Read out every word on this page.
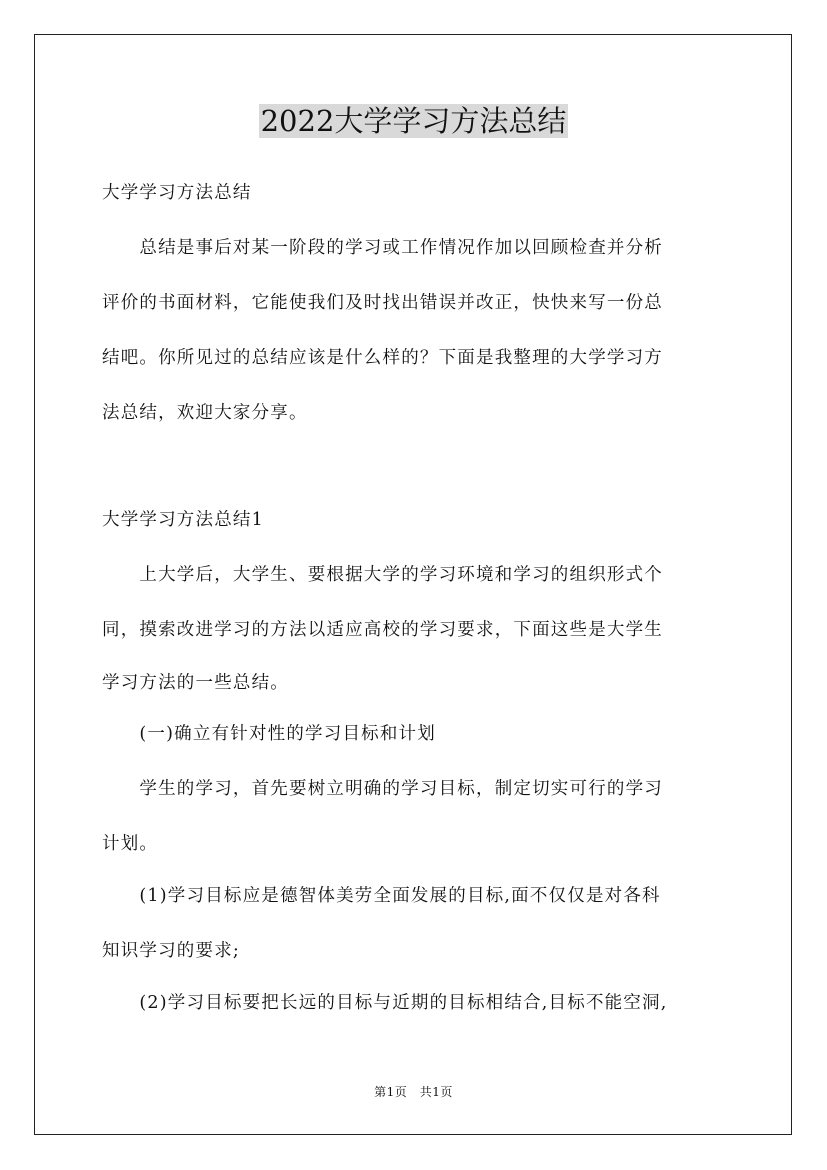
2022大学学习方法总结
大学学习方法总结
　　总结是事后对某一阶段的学习或工作情况作加以回顾检查并分析
评价的书面材料，它能使我们及时找出错误并改正，快快来写一份总
结吧。你所见过的总结应该是什么样的？下面是我整理的大学学习方
法总结，欢迎大家分享。
大学学习方法总结1
　　上大学后，大学生、要根据大学的学习环境和学习的组织形式个
同，摸索改进学习的方法以适应高校的学习要求，下面这些是大学生
学习方法的一些总结。
　　(一)确立有针对性的学习目标和计划
　　学生的学习，首先要树立明确的学习目标，制定切实可行的学习
计划。
　　(1)学习目标应是德智体美劳全面发展的目标,面不仅仅是对各科
知识学习的要求;
　　(2)学习目标要把长远的目标与近期的目标相结合,目标不能空洞,
第1页　共1页
